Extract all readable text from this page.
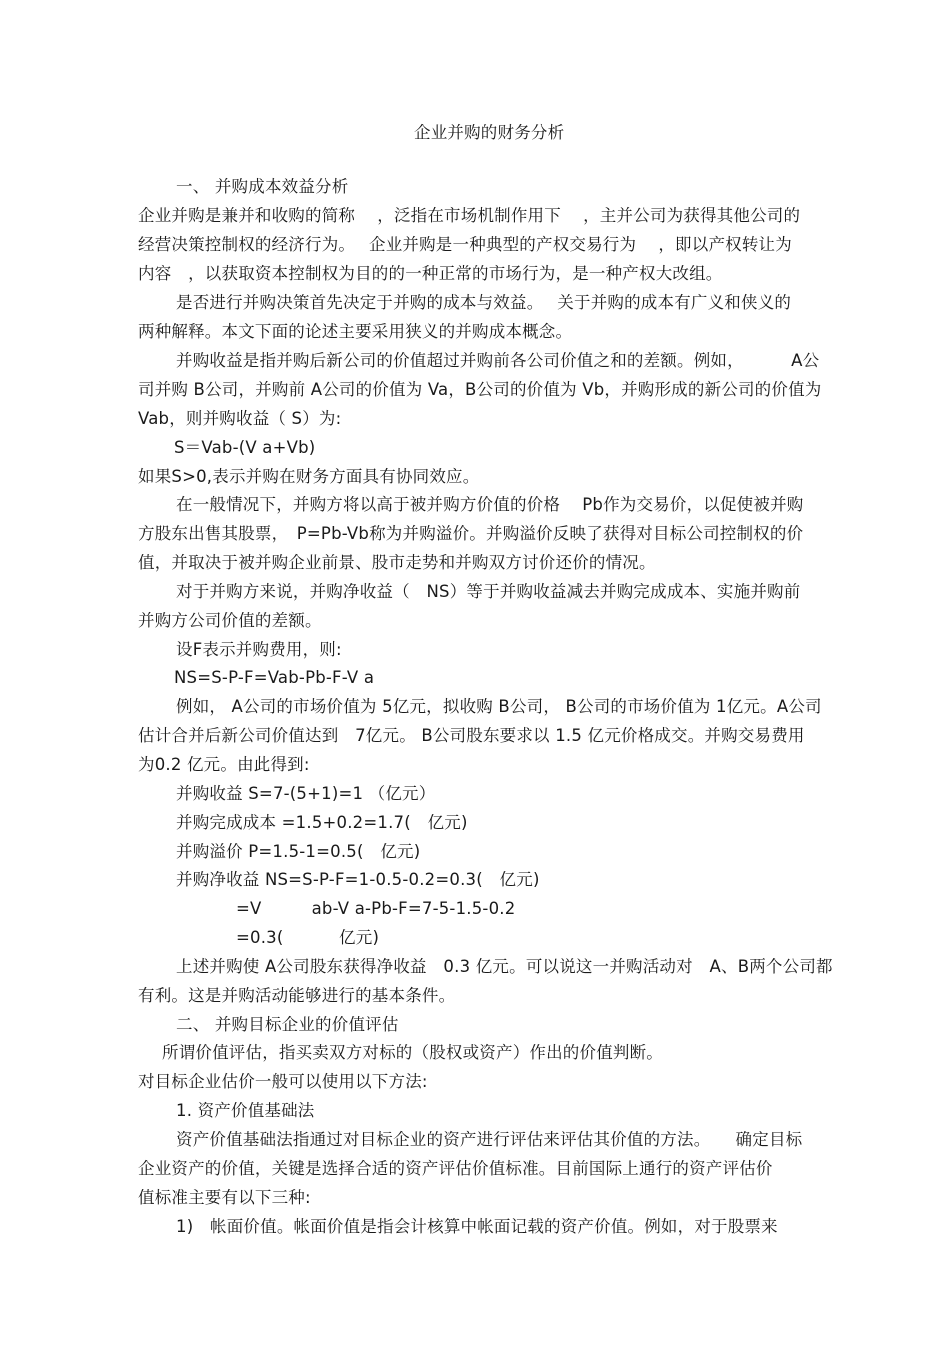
企业并购的财务分析
一、 并购成本效益分析
企业并购是兼并和收购的简称　 ，泛指在市场机制作用下　 ，主并公司为获得其他公司的
经营决策控制权的经济行为。　 企业并购是一种典型的产权交易行为　 ，即以产权转让为
内容　，以获取资本控制权为目的的一种正常的市场行为，是一种产权大改组。
是否进行并购决策首先决定于并购的成本与效益。　 关于并购的成本有广义和侠义的
两种解释。本文下面的论述主要采用狭义的并购成本概念。
并购收益是指并购后新公司的价值超过并购前各公司价值之和的差额。例如，　　　 A公
司并购 B公司，并购前 A公司的价值为 Va，B公司的价值为 Vb，并购形成的新公司的价值为
Vab，则并购收益（ S）为:
S＝Vab-(V a+Vb)
如果S>0,表示并购在财务方面具有协同效应。
在一般情况下，并购方将以高于被并购方价值的价格　 Pb作为交易价，以促使被并购
方股东出售其股票，　P=Pb-Vb称为并购溢价。并购溢价反映了获得对目标公司控制权的价
值，并取决于被并购企业前景、股市走势和并购双方讨价还价的情况。
对于并购方来说，并购净收益（　NS）等于并购收益减去并购完成成本、实施并购前
并购方公司价值的差额。
设F表示并购费用，则:
NS=S-P-F=Vab-Pb-F-V a
例如， A公司的市场价值为 5亿元，拟收购 B公司， B公司的市场价值为 1亿元。A公司
估计合并后新公司价值达到　7亿元。 B公司股东要求以 1.5 亿元价格成交。并购交易费用
为0.2 亿元。由此得到:
并购收益 S=7-(5+1)=1 （亿元）
并购完成成本 =1.5+0.2=1.7(　亿元)
并购溢价 P=1.5-1=0.5(　亿元)
并购净收益 NS=S-P-F=1-0.5-0.2=0.3(　亿元)
=V　　　ab-V a-Pb-F=7-5-1.5-0.2
=0.3(　　　 亿元)
上述并购使 A公司股东获得净收益　0.3 亿元。可以说这一并购活动对　A、B两个公司都
有利。这是并购活动能够进行的基本条件。
二、 并购目标企业的价值评估
所谓价值评估，指买卖双方对标的（股权或资产）作出的价值判断。
对目标企业估价一般可以使用以下方法:
1. 资产价值基础法
资产价值基础法指通过对目标企业的资产进行评估来评估其价值的方法。　　确定目标
企业资产的价值，关键是选择合适的资产评估价值标准。目前国际上通行的资产评估价
值标准主要有以下三种:
1)　帐面价值。帐面价值是指会计核算中帐面记载的资产价值。例如，对于股票来
